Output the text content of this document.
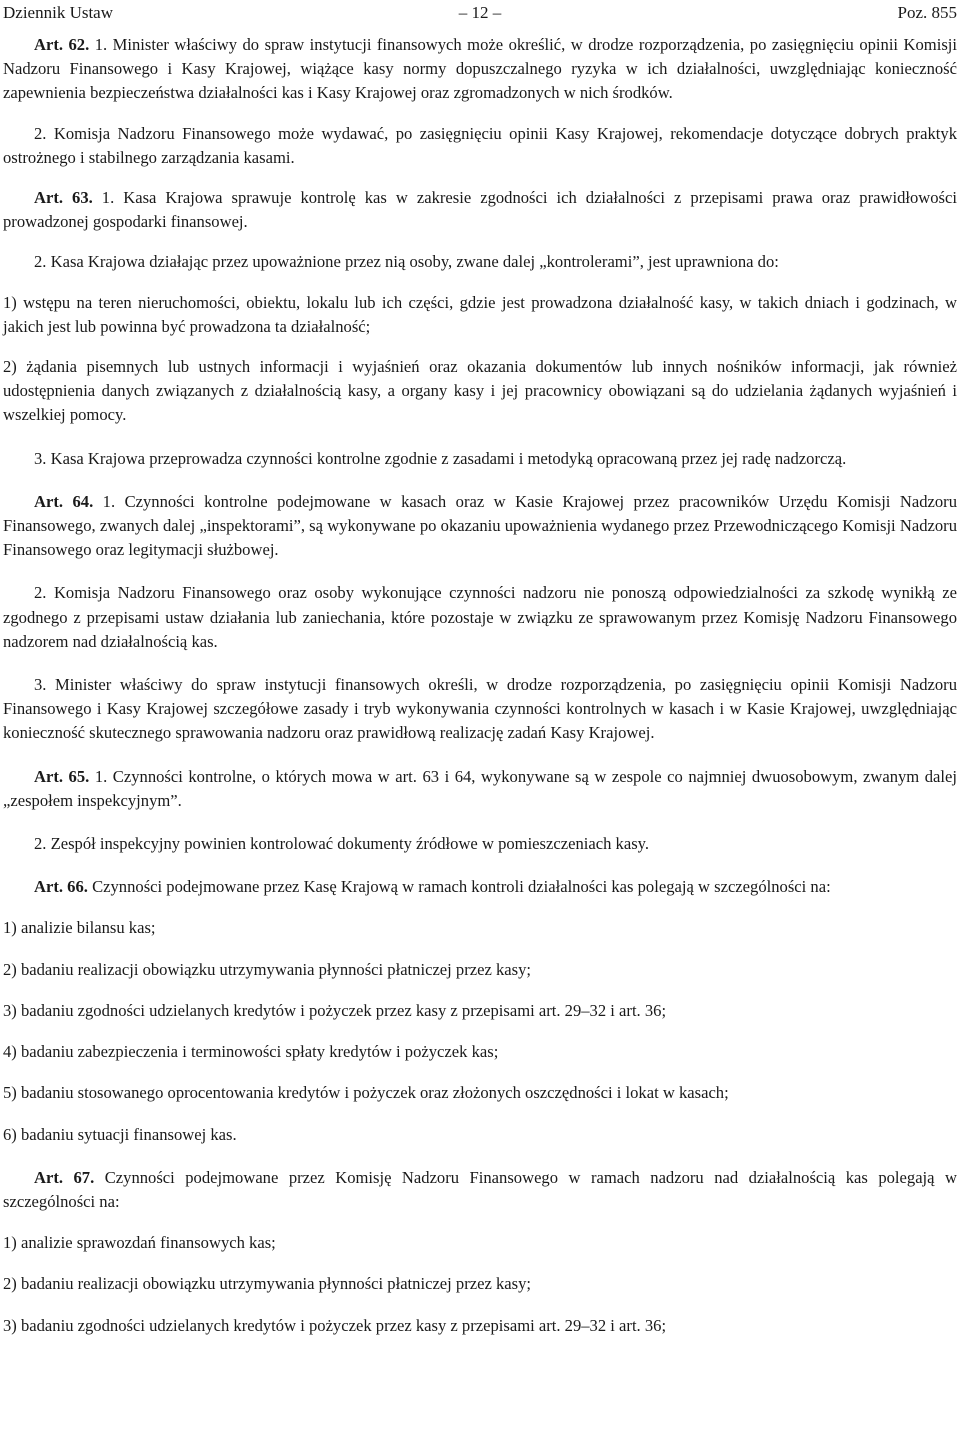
Dziennik Ustaw	– 12 –	Poz. 855

Art. 62. 1. Minister właściwy do spraw instytucji finansowych może określić, w drodze rozporządzenia, po zasięgnięciu opinii Komisji Nadzoru Finansowego i Kasy Krajowej, wiążące kasy normy dopuszczalnego ryzyka w ich działalności, uwzględniając konieczność zapewnienia bezpieczeństwa działalności kas i Kasy Krajowej oraz zgromadzonych w nich środków.

2. Komisja Nadzoru Finansowego może wydawać, po zasięgnięciu opinii Kasy Krajowej, rekomendacje dotyczące dobrych praktyk ostrożnego i stabilnego zarządzania kasami.

Art. 63. 1. Kasa Krajowa sprawuje kontrolę kas w zakresie zgodności ich działalności z przepisami prawa oraz prawidłowości prowadzonej gospodarki finansowej.

2. Kasa Krajowa działając przez upoważnione przez nią osoby, zwane dalej „kontrolerami”, jest uprawniona do:

1) wstępu na teren nieruchomości, obiektu, lokalu lub ich części, gdzie jest prowadzona działalność kasy, w takich dniach i godzinach, w jakich jest lub powinna być prowadzona ta działalność;

2) żądania pisemnych lub ustnych informacji i wyjaśnień oraz okazania dokumentów lub innych nośników informacji, jak również udostępnienia danych związanych z działalnością kasy, a organy kasy i jej pracownicy obowiązani są do udzielania żądanych wyjaśnień i wszelkiej pomocy.

3. Kasa Krajowa przeprowadza czynności kontrolne zgodnie z zasadami i metodyką opracowaną przez jej radę nadzorczą.

Art. 64. 1. Czynności kontrolne podejmowane w kasach oraz w Kasie Krajowej przez pracowników Urzędu Komisji Nadzoru Finansowego, zwanych dalej „inspektorami”, są wykonywane po okazaniu upoważnienia wydanego przez Przewodniczącego Komisji Nadzoru Finansowego oraz legitymacji służbowej.

2. Komisja Nadzoru Finansowego oraz osoby wykonujące czynności nadzoru nie ponoszą odpowiedzialności za szkodę wynikłą ze zgodnego z przepisami ustaw działania lub zaniechania, które pozostaje w związku ze sprawowanym przez Komisję Nadzoru Finansowego nadzorem nad działalnością kas.

3. Minister właściwy do spraw instytucji finansowych określi, w drodze rozporządzenia, po zasięgnięciu opinii Komisji Nadzoru Finansowego i Kasy Krajowej szczegółowe zasady i tryb wykonywania czynności kontrolnych w kasach i w Kasie Krajowej, uwzględniając konieczność skutecznego sprawowania nadzoru oraz prawidłową realizację zadań Kasy Krajowej.

Art. 65. 1. Czynności kontrolne, o których mowa w art. 63 i 64, wykonywane są w zespole co najmniej dwuosobowym, zwanym dalej „zespołem inspekcyjnym”.

2. Zespół inspekcyjny powinien kontrolować dokumenty źródłowe w pomieszczeniach kasy.

Art. 66. Czynności podejmowane przez Kasę Krajową w ramach kontroli działalności kas polegają w szczególności na:

1) analizie bilansu kas;

2) badaniu realizacji obowiązku utrzymywania płynności płatniczej przez kasy;

3) badaniu zgodności udzielanych kredytów i pożyczek przez kasy z przepisami art. 29–32 i art. 36;

4) badaniu zabezpieczenia i terminowości spłaty kredytów i pożyczek kas;

5) badaniu stosowanego oprocentowania kredytów i pożyczek oraz złożonych oszczędności i lokat w kasach;

6) badaniu sytuacji finansowej kas.

Art. 67. Czynności podejmowane przez Komisję Nadzoru Finansowego w ramach nadzoru nad działalnością kas polegają w szczególności na:

1) analizie sprawozdań finansowych kas;

2) badaniu realizacji obowiązku utrzymywania płynności płatniczej przez kasy;

3) badaniu zgodności udzielanych kredytów i pożyczek przez kasy z przepisami art. 29–32 i art. 36;
